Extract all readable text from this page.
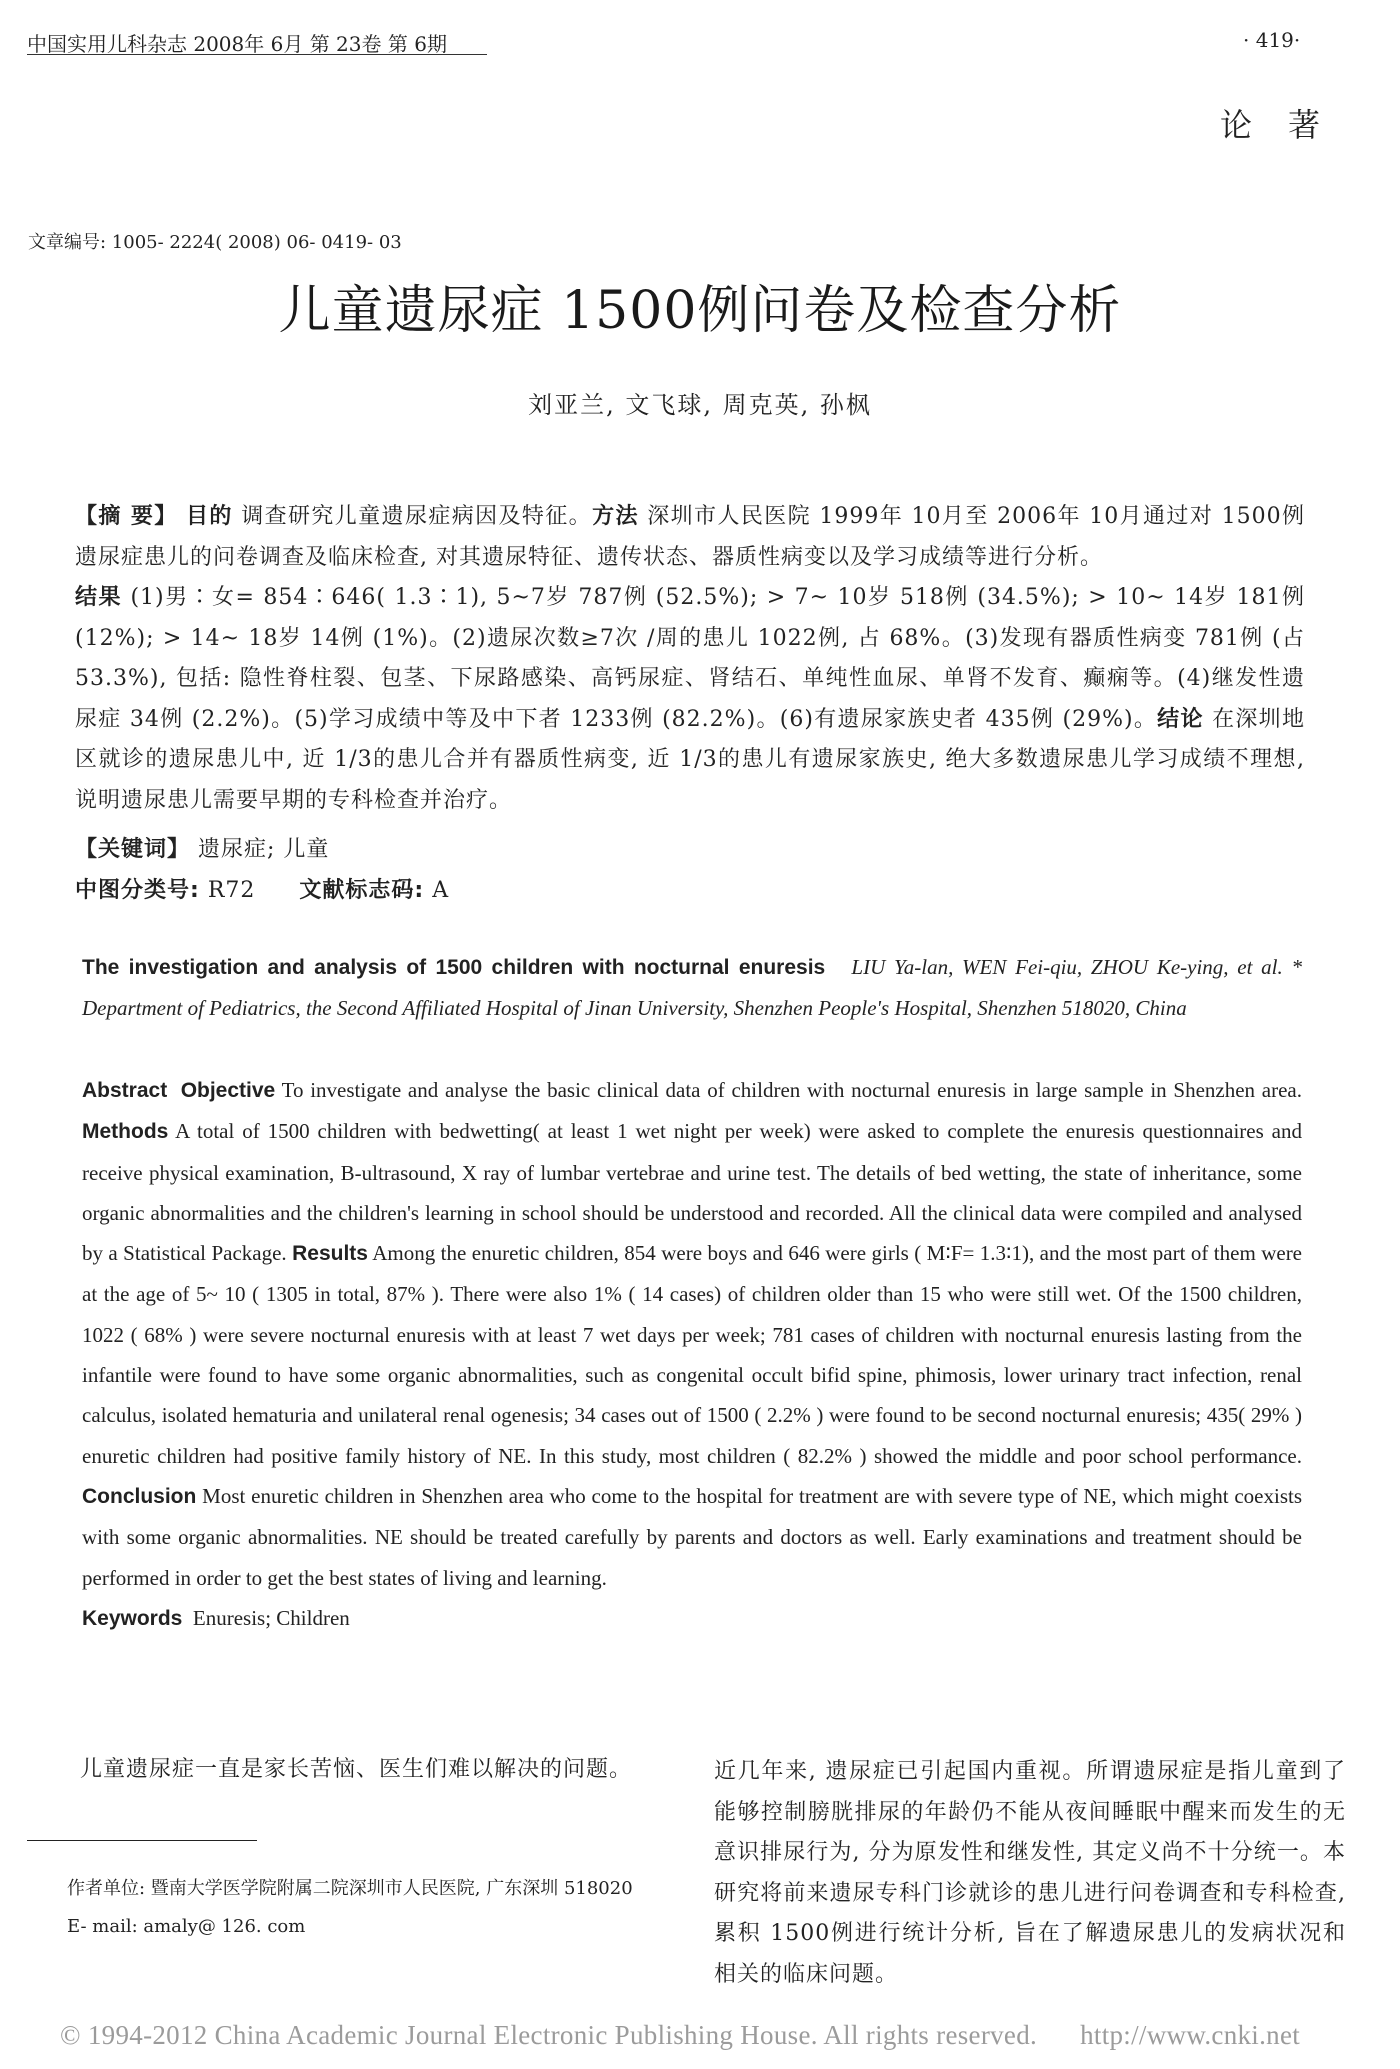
中国实用儿科杂志 2008年 6月 第 23卷 第 6期	· 419·
论著
文章编号: 1005- 2224( 2008) 06- 0419- 03
儿童遗尿症 1500例问卷及检查分析
刘亚兰, 文飞球, 周克英, 孙枫
【摘 要】 目的 调查研究儿童遗尿症病因及特征。方法 深圳市人民医院 1999年 10月至 2006年 10月通过对 1500例遗尿症患儿的问卷调查及临床检查, 对其遗尿特征、遗传状态、器质性病变以及学习成绩等进行分析。
结果 (1)男∶女= 854∶646( 1.3∶1), 5~7岁 787例 (52.5%); > 7~ 10岁 518例 (34.5%); > 10~ 14岁 181例 (12%); > 14~ 18岁 14例 (1%)。(2)遗尿次数≥7次 /周的患儿 1022例, 占 68%。(3)发现有器质性病变 781例 (占 53.3%), 包括: 隐性脊柱裂、包茎、下尿路感染、高钙尿症、肾结石、单纯性血尿、单肾不发育、癫痫等。(4)继发性遗尿症 34例 (2.2%)。(5)学习成绩中等及中下者 1233例 (82.2%)。(6)有遗尿家族史者 435例 (29%)。结论 在深圳地区就诊的遗尿患儿中, 近 1/3的患儿合并有器质性病变, 近 1/3的患儿有遗尿家族史, 绝大多数遗尿患儿学习成绩不理想, 说明遗尿患儿需要早期的专科检查并治疗。
【关键词】 遗尿症; 儿童
中图分类号: R72 文献标志码: A
The investigation and analysis of 1500 children with nocturnal enuresis LIU Ya-lan, WEN Fei-qiu, ZHOU Ke-ying, et al. * Department of Pediatrics, the Second Affiliated Hospital of Jinan University, Shenzhen People's Hospital, Shenzhen 518020, China
Abstract Objective To investigate and analyse the basic clinical data of children with nocturnal enuresis in large sample in Shenzhen area. Methods A total of 1500 children with bedwetting( at least 1 wet night per week) were asked to complete the enuresis questionnaires and receive physical examination, B-ultrasound, X ray of lumbar vertebrae and urine test. The details of bed wetting, the state of inheritance, some organic abnormalities and the children's learning in school should be understood and recorded. All the clinical data were compiled and analysed by a Statistical Package. Results Among the enuretic children, 854 were boys and 646 were girls ( M∶F= 1.3∶1), and the most part of them were at the age of 5~ 10 ( 1305 in total, 87% ). There were also 1% ( 14 cases) of children older than 15 who were still wet. Of the 1500 children, 1022 ( 68% ) were severe nocturnal enuresis with at least 7 wet days per week; 781 cases of children with nocturnal enuresis lasting from the infantile were found to have some organic abnormalities, such as congenital occult bifid spine, phimosis, lower urinary tract infection, renal calculus, isolated hematuria and unilateral renal ogenesis; 34 cases out of 1500 ( 2.2% ) were found to be second nocturnal enuresis; 435( 29% ) enuretic children had positive family history of NE. In this study, most children ( 82.2% ) showed the middle and poor school performance. Conclusion Most enuretic children in Shenzhen area who come to the hospital for treatment are with severe type of NE, which might coexists with some organic abnormalities. NE should be treated carefully by parents and doctors as well. Early examinations and treatment should be performed in order to get the best states of living and learning.
Keywords Enuresis; Children
儿童遗尿症一直是家长苦恼、医生们难以解决的问题。	近几年来, 遗尿症已引起国内重视。所谓遗尿症是指儿童到了能够控制膀胱排尿的年龄仍不能从夜间睡眠中醒来而发生的无意识排尿行为, 分为原发性和继发性, 其定义尚不十分统一。本研究将前来遗尿专科门诊就诊的患儿进行问卷调查和专科检查, 累积 1500例进行统计分析, 旨在了解遗尿患儿的发病状况和相关的临床问题。
作者单位: 暨南大学医学院附属二院深圳市人民医院, 广东深圳 518020
E- mail: amaly@ 126. com
© 1994-2012 China Academic Journal Electronic Publishing House. All rights reserved. http://www.cnki.net
